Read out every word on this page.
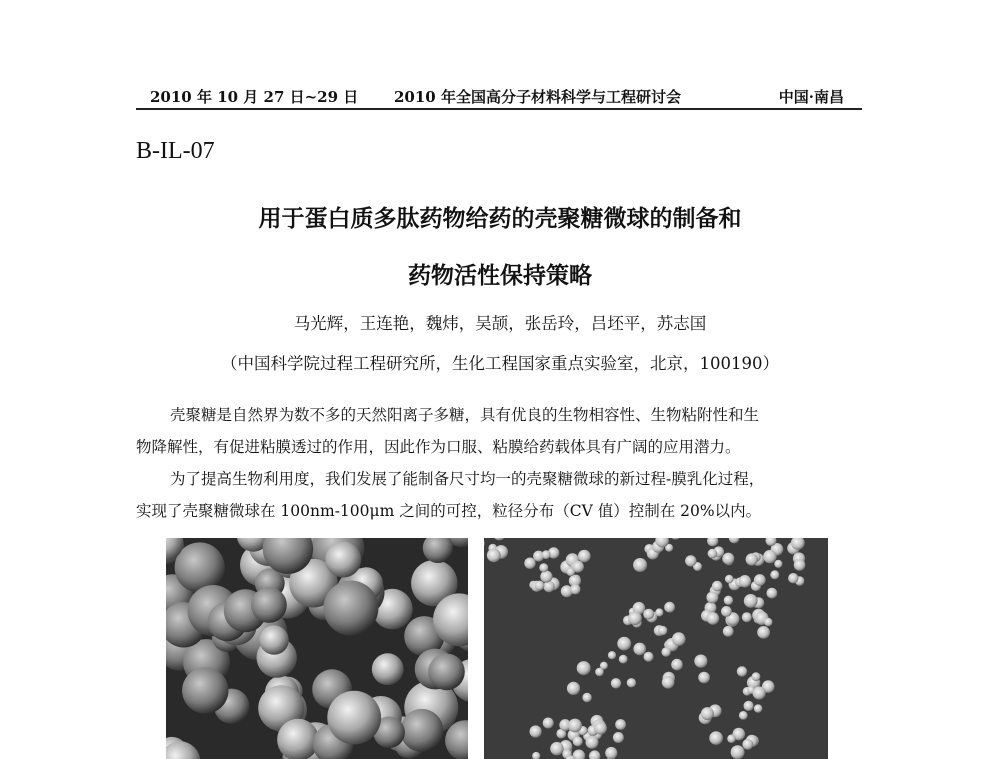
2010 年 10 月 27 日~29 日 2010 年全国高分子材料科学与工程研讨会	中国·南昌
B-IL-07
用于蛋白质多肽药物给药的壳聚糖微球的制备和
药物活性保持策略
马光辉，王连艳，魏炜，吴颉，张岳玲，吕坯平，苏志国
（中国科学院过程工程研究所，生化工程国家重点实验室，北京，100190）
壳聚糖是自然界为数不多的天然阳离子多糖，具有优良的生物相容性、生物粘附性和生
物降解性，有促进粘膜透过的作用，因此作为口服、粘膜给药载体具有广阔的应用潜力。
为了提高生物利用度，我们发展了能制备尺寸均一的壳聚糖微球的新过程-膜乳化过程，
实现了壳聚糖微球在 100nm-100μm 之间的可控，粒径分布（CV 值）控制在 20%以内。
